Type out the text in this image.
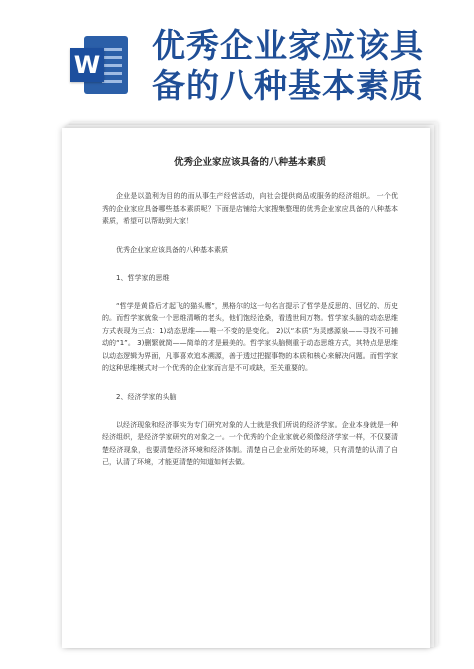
W 优秀企业家应该具
备的八种基本素质
优秀企业家应该具备的八种基本素质

企业是以盈利为目的的而从事生产经营活动，向社会提供商品或服务的经济组织。 一个优秀的企业家应具备哪些基本素质呢？下面是店铺给大家搜集整理的优秀企业家应具备的八种基本素质，希望可以帮助到大家！

优秀企业家应该具备的八种基本素质
1、哲学家的思维

“哲学是黄昏后才起飞的猫头鹰”，黑格尔的这一句名言提示了哲学是反思的、回忆的、历史的。而哲学家就象一个思维清晰的老头，他们饱经沧桑，看透世间万物。哲学家头脑的动态思维方式表现为三点：1)动态思维——唯一不变的是变化。 2)以“本质”为灵感源泉——寻找不可捕动的“1”。 3)删繁就简——简单的才是最美的。哲学家头脑侧重于动态思维方式，其特点是思维以动态逻辑为界面，凡事喜欢追本溯源，善于透过把握事物的本质和核心来解决问题。而哲学家的这种思维模式对一个优秀的企业家而言是不可或缺，至关重要的。

2、经济学家的头脑

以经济现象和经济事实为专门研究对象的人士就是我们所说的经济学家。企业本身就是一种经济组织，是经济学家研究的对象之一。一个优秀的个企业家就必须像经济学家一样，不仅要清楚经济现象，也要清楚经济环境和经济体制。清楚自己企业所处的环境，只有清楚的认清了自己，认清了环境，才能更清楚的知道如何去做。
